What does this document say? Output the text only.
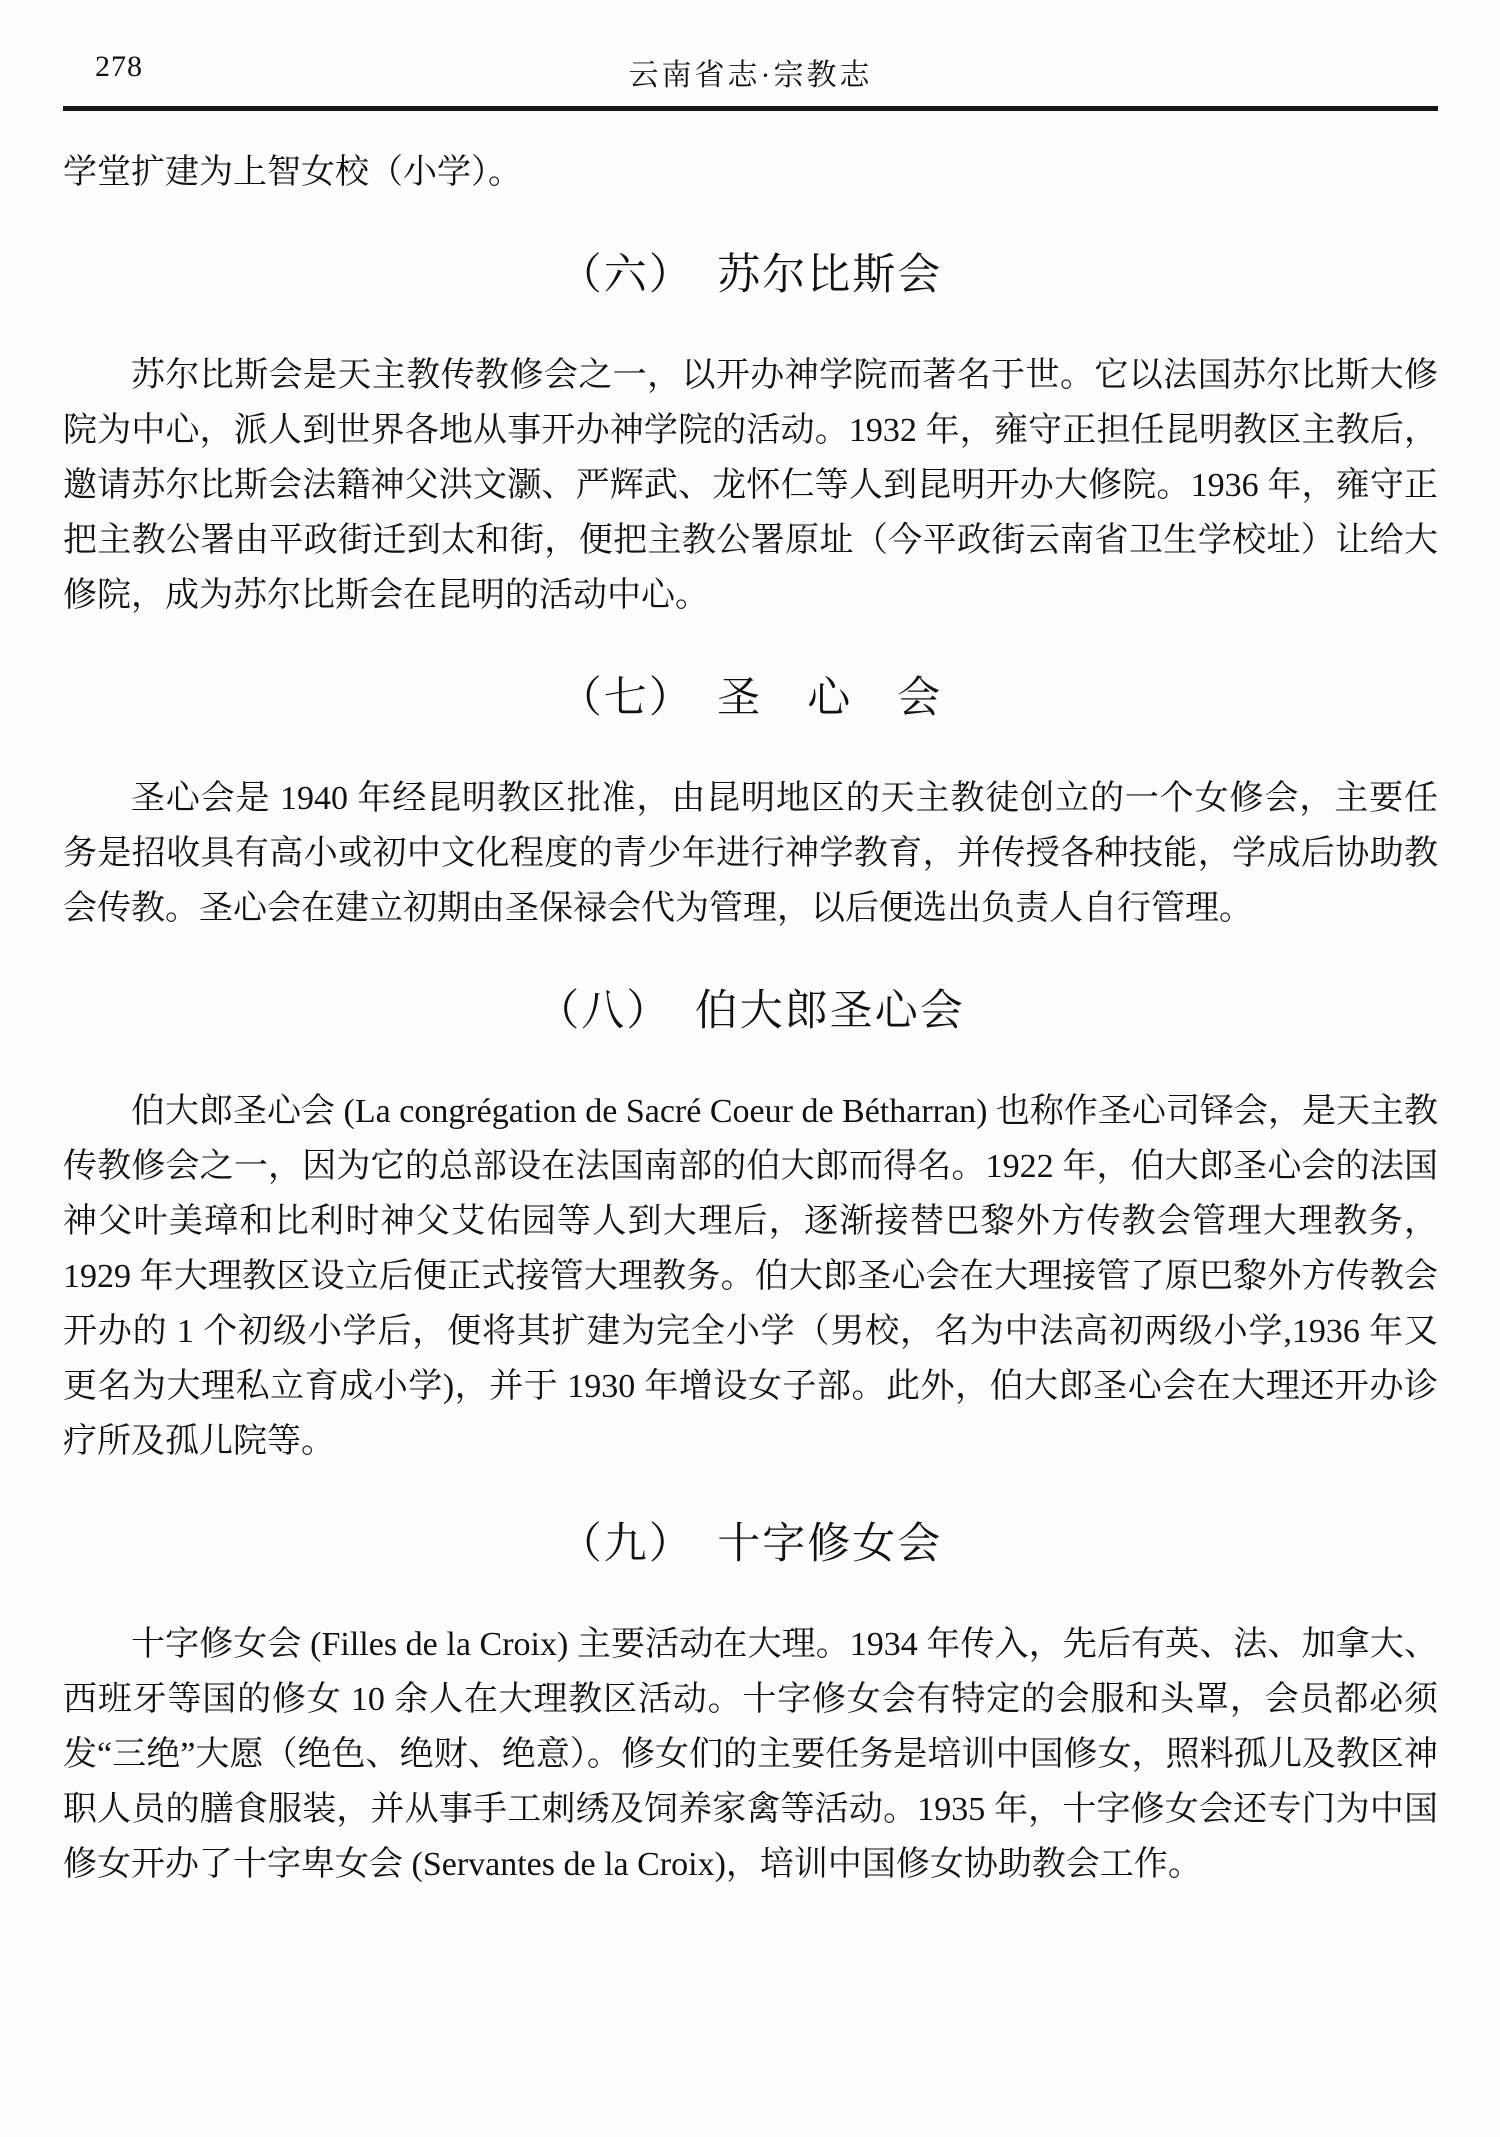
278	云南省志·宗教志

学堂扩建为上智女校（小学）。

（六）　苏尔比斯会

苏尔比斯会是天主教传教修会之一，以开办神学院而著名于世。它以法国苏尔比斯大修院为中心，派人到世界各地从事开办神学院的活动。1932 年，雍守正担任昆明教区主教后，邀请苏尔比斯会法籍神父洪文灏、严辉武、龙怀仁等人到昆明开办大修院。1936 年，雍守正把主教公署由平政街迁到太和街，便把主教公署原址（今平政街云南省卫生学校址）让给大修院，成为苏尔比斯会在昆明的活动中心。

（七）　圣　心　会

圣心会是 1940 年经昆明教区批准，由昆明地区的天主教徒创立的一个女修会，主要任务是招收具有高小或初中文化程度的青少年进行神学教育，并传授各种技能，学成后协助教会传教。圣心会在建立初期由圣保禄会代为管理，以后便选出负责人自行管理。

（八）　伯大郎圣心会

伯大郎圣心会 (La congrégation de Sacré Coeur de Bétharran) 也称作圣心司铎会，是天主教传教修会之一，因为它的总部设在法国南部的伯大郎而得名。1922 年，伯大郎圣心会的法国神父叶美璋和比利时神父艾佑园等人到大理后，逐渐接替巴黎外方传教会管理大理教务，1929 年大理教区设立后便正式接管大理教务。伯大郎圣心会在大理接管了原巴黎外方传教会开办的 1 个初级小学后，便将其扩建为完全小学（男校，名为中法高初两级小学,1936 年又更名为大理私立育成小学)，并于 1930 年增设女子部。此外，伯大郎圣心会在大理还开办诊疗所及孤儿院等。

（九）　十字修女会

十字修女会 (Filles de la Croix) 主要活动在大理。1934 年传入，先后有英、法、加拿大、西班牙等国的修女 10 余人在大理教区活动。十字修女会有特定的会服和头罩，会员都必须发“三绝”大愿（绝色、绝财、绝意）。修女们的主要任务是培训中国修女，照料孤儿及教区神职人员的膳食服装，并从事手工刺绣及饲养家禽等活动。1935 年，十字修女会还专门为中国修女开办了十字卑女会 (Servantes de la Croix)，培训中国修女协助教会工作。
